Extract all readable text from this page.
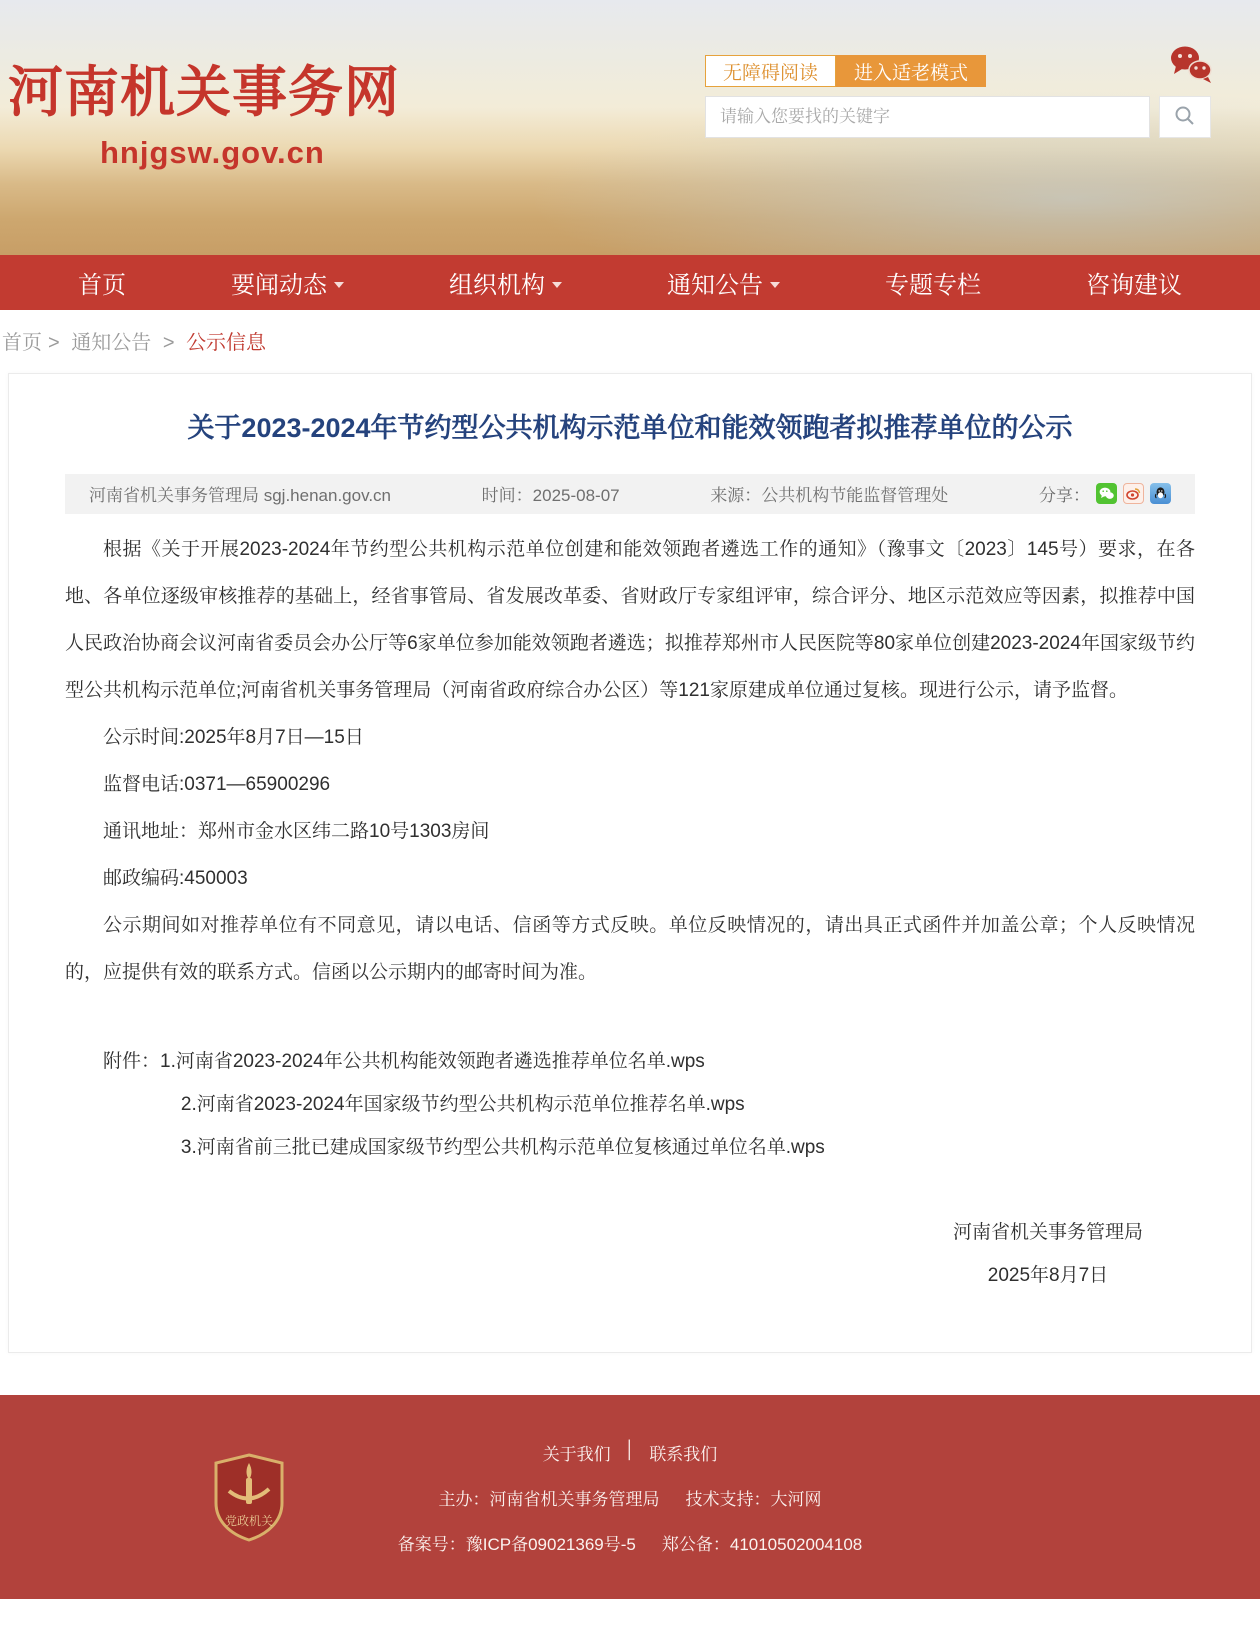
河南机关事务网
hnjgsw.gov.cn
无障碍阅读	进入适老模式
请输入您要找的关键字
首页	要闻动态	组织机构	通知公告	专题专栏	咨询建议
首页 > 通知公告 > 公示信息
关于2023-2024年节约型公共机构示范单位和能效领跑者拟推荐单位的公示
河南省机关事务管理局 sgj.henan.gov.cn	时间：2025-08-07	来源：公共机构节能监督管理处	分享：

根据《关于开展2023-2024年节约型公共机构示范单位创建和能效领跑者遴选工作的通知》（豫事文〔2023〕145号）要求，在各地、各单位逐级审核推荐的基础上，经省事管局、省发展改革委、省财政厅专家组评审，综合评分、地区示范效应等因素，拟推荐中国人民政治协商会议河南省委员会办公厅等6家单位参加能效领跑者遴选；拟推荐郑州市人民医院等80家单位创建2023-2024年国家级节约型公共机构示范单位;河南省机关事务管理局（河南省政府综合办公区）等121家原建成单位通过复核。现进行公示，请予监督。

公示时间:2025年8月7日—15日

监督电话:0371—65900296

通讯地址：郑州市金水区纬二路10号1303房间

邮政编码:450003

公示期间如对推荐单位有不同意见，请以电话、信函等方式反映。单位反映情况的，请出具正式函件并加盖公章；个人反映情况的，应提供有效的联系方式。信函以公示期内的邮寄时间为准。

附件：1.河南省2023-2024年公共机构能效领跑者遴选推荐单位名单.wps

2.河南省2023-2024年国家级节约型公共机构示范单位推荐名单.wps

3.河南省前三批已建成国家级节约型公共机构示范单位复核通过单位名单.wps

河南省机关事务管理局
2025年8月7日
党政机关
关于我们 │ 联系我们
主办：河南省机关事务管理局 技术支持：大河网
备案号：豫ICP备09021369号-5 郑公备：41010502004108
